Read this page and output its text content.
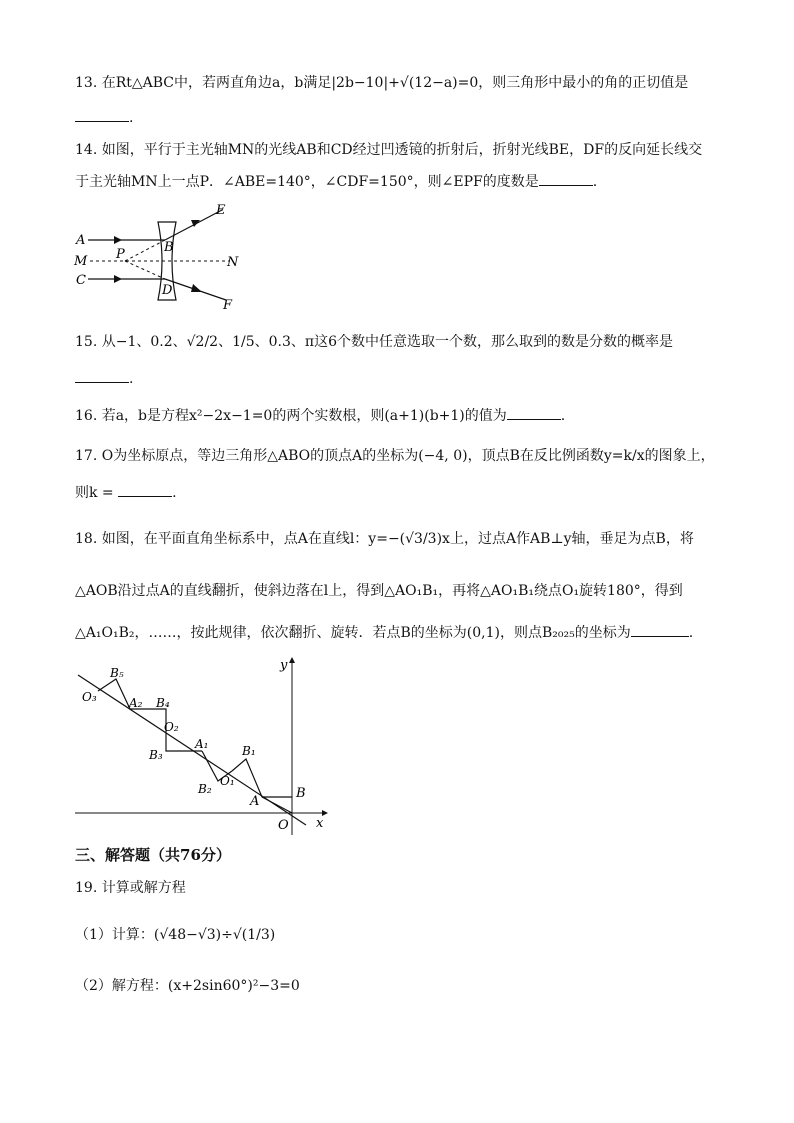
13. 在Rt△ABC中，若两直角边a，b满足|2b−10|+√(12−a)=0，则三角形中最小的角的正切值是
.
14. 如图，平行于主光轴MN的光线AB和CD经过凹透镜的折射后，折射光线BE，DF的反向延长线交
于主光轴MN上一点P．∠ABE=140°，∠CDF=150°，则∠EPF的度数是	.
A
M
C
P	B
D
N
E
F
15. 从−1、0.2、√2/2、1/5、0.3、π这6个数中任意选取一个数，那么取到的数是分数的概率是
.
16. 若a，b是方程x²−2x−1=0的两个实数根，则(a+1)(b+1)的值为	.
17. O为坐标原点，等边三角形△ABO的顶点A的坐标为(−4, 0)，顶点B在反比例函数y=k/x的图象上，
则k =	.
18. 如图，在平面直角坐标系中，点A在直线l：y=−(√3/3)x上，过点A作AB⊥y轴，垂足为点B，将
△AOB沿过点A的直线翻折，使斜边落在l上，得到△AO₁B₁，再将△AO₁B₁绕点O₁旋转180°，得到
△A₁O₁B₂，……，按此规律，依次翻折、旋转．若点B的坐标为(0,1)，则点B₂₀₂₅的坐标为	.
y
x
O
B
A
B₁
O₁
B₂
A₁
B₃
O₂
A₂ B₄
B₅
O₃
三、解答题（共76分）
19. 计算或解方程
（1）计算：(√48−√3)÷√(1/3)
（2）解方程：(x+2sin60°)²−3=0
